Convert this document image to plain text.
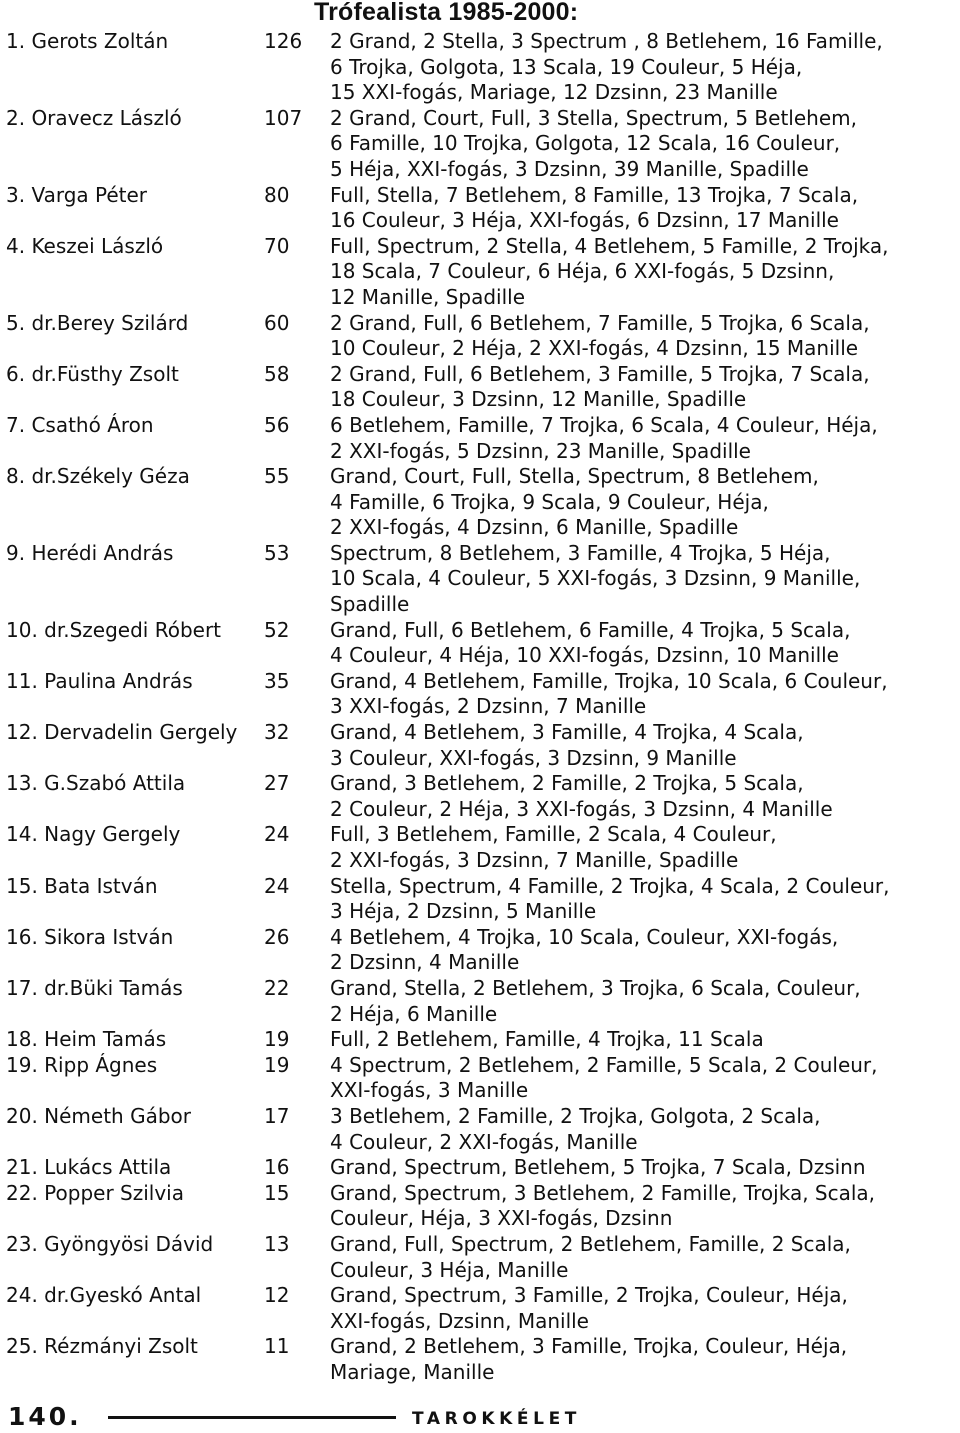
Trófealista 1985-2000:
1. Gerots Zoltán	126	2 Grand, 2 Stella, 3 Spectrum , 8 Betlehem, 16 Famille,
6 Trojka, Golgota, 13 Scala, 19 Couleur, 5 Héja,
15 XXI-fogás, Mariage, 12 Dzsinn, 23 Manille
2. Oravecz László	107	2 Grand, Court, Full, 3 Stella, Spectrum, 5 Betlehem,
6 Famille, 10 Trojka, Golgota, 12 Scala, 16 Couleur,
5 Héja, XXI-fogás, 3 Dzsinn, 39 Manille, Spadille
3. Varga Péter	80	Full, Stella, 7 Betlehem, 8 Famille, 13 Trojka, 7 Scala,
16 Couleur, 3 Héja, XXI-fogás, 6 Dzsinn, 17 Manille
4. Keszei László	70	Full, Spectrum, 2 Stella, 4 Betlehem, 5 Famille, 2 Trojka,
18 Scala, 7 Couleur, 6 Héja, 6 XXI-fogás, 5 Dzsinn,
12 Manille, Spadille
5. dr.Berey Szilárd	60	2 Grand, Full, 6 Betlehem, 7 Famille, 5 Trojka, 6 Scala,
10 Couleur, 2 Héja, 2 XXI-fogás, 4 Dzsinn, 15 Manille
6. dr.Füsthy Zsolt	58	2 Grand, Full, 6 Betlehem, 3 Famille, 5 Trojka, 7 Scala,
18 Couleur, 3 Dzsinn, 12 Manille, Spadille
7. Csathó Áron	56	6 Betlehem, Famille, 7 Trojka, 6 Scala, 4 Couleur, Héja,
2 XXI-fogás, 5 Dzsinn, 23 Manille, Spadille
8. dr.Székely Géza	55	Grand, Court, Full, Stella, Spectrum, 8 Betlehem,
4 Famille, 6 Trojka, 9 Scala, 9 Couleur, Héja,
2 XXI-fogás, 4 Dzsinn, 6 Manille, Spadille
9. Herédi András	53	Spectrum, 8 Betlehem, 3 Famille, 4 Trojka, 5 Héja,
10 Scala, 4 Couleur, 5 XXI-fogás, 3 Dzsinn, 9 Manille,
Spadille
10. dr.Szegedi Róbert	52	Grand, Full, 6 Betlehem, 6 Famille, 4 Trojka, 5 Scala,
4 Couleur, 4 Héja, 10 XXI-fogás, Dzsinn, 10 Manille
11. Paulina András	35	Grand, 4 Betlehem, Famille, Trojka, 10 Scala, 6 Couleur,
3 XXI-fogás, 2 Dzsinn, 7 Manille
12. Dervadelin Gergely	32	Grand, 4 Betlehem, 3 Famille, 4 Trojka, 4 Scala,
3 Couleur, XXI-fogás, 3 Dzsinn, 9 Manille
13. G.Szabó Attila	27	Grand, 3 Betlehem, 2 Famille, 2 Trojka, 5 Scala,
2 Couleur, 2 Héja, 3 XXI-fogás, 3 Dzsinn, 4 Manille
14. Nagy Gergely	24	Full, 3 Betlehem, Famille, 2 Scala, 4 Couleur,
2 XXI-fogás, 3 Dzsinn, 7 Manille, Spadille
15. Bata István	24	Stella, Spectrum, 4 Famille, 2 Trojka, 4 Scala, 2 Couleur,
3 Héja, 2 Dzsinn, 5 Manille
16. Sikora István	26	4 Betlehem, 4 Trojka, 10 Scala, Couleur, XXI-fogás,
2 Dzsinn, 4 Manille
17. dr.Büki Tamás	22	Grand, Stella, 2 Betlehem, 3 Trojka, 6 Scala, Couleur,
2 Héja, 6 Manille
18. Heim Tamás	19	Full, 2 Betlehem, Famille, 4 Trojka, 11 Scala
19. Ripp Ágnes	19	4 Spectrum, 2 Betlehem, 2 Famille, 5 Scala, 2 Couleur,
XXI-fogás, 3 Manille
20. Németh Gábor	17	3 Betlehem, 2 Famille, 2 Trojka, Golgota, 2 Scala,
4 Couleur, 2 XXI-fogás, Manille
21. Lukács Attila	16	Grand, Spectrum, Betlehem, 5 Trojka, 7 Scala, Dzsinn
22. Popper Szilvia	15	Grand, Spectrum, 3 Betlehem, 2 Famille, Trojka, Scala,
Couleur, Héja, 3 XXI-fogás, Dzsinn
23. Gyöngyösi Dávid	13	Grand, Full, Spectrum, 2 Betlehem, Famille, 2 Scala,
Couleur, 3 Héja, Manille
24. dr.Gyeskó Antal	12	Grand, Spectrum, 3 Famille, 2 Trojka, Couleur, Héja,
XXI-fogás, Dzsinn, Manille
25. Rézmányi Zsolt	11	Grand, 2 Betlehem, 3 Famille, Trojka, Couleur, Héja,
Mariage, Manille
140.	TAROKKÉLET
